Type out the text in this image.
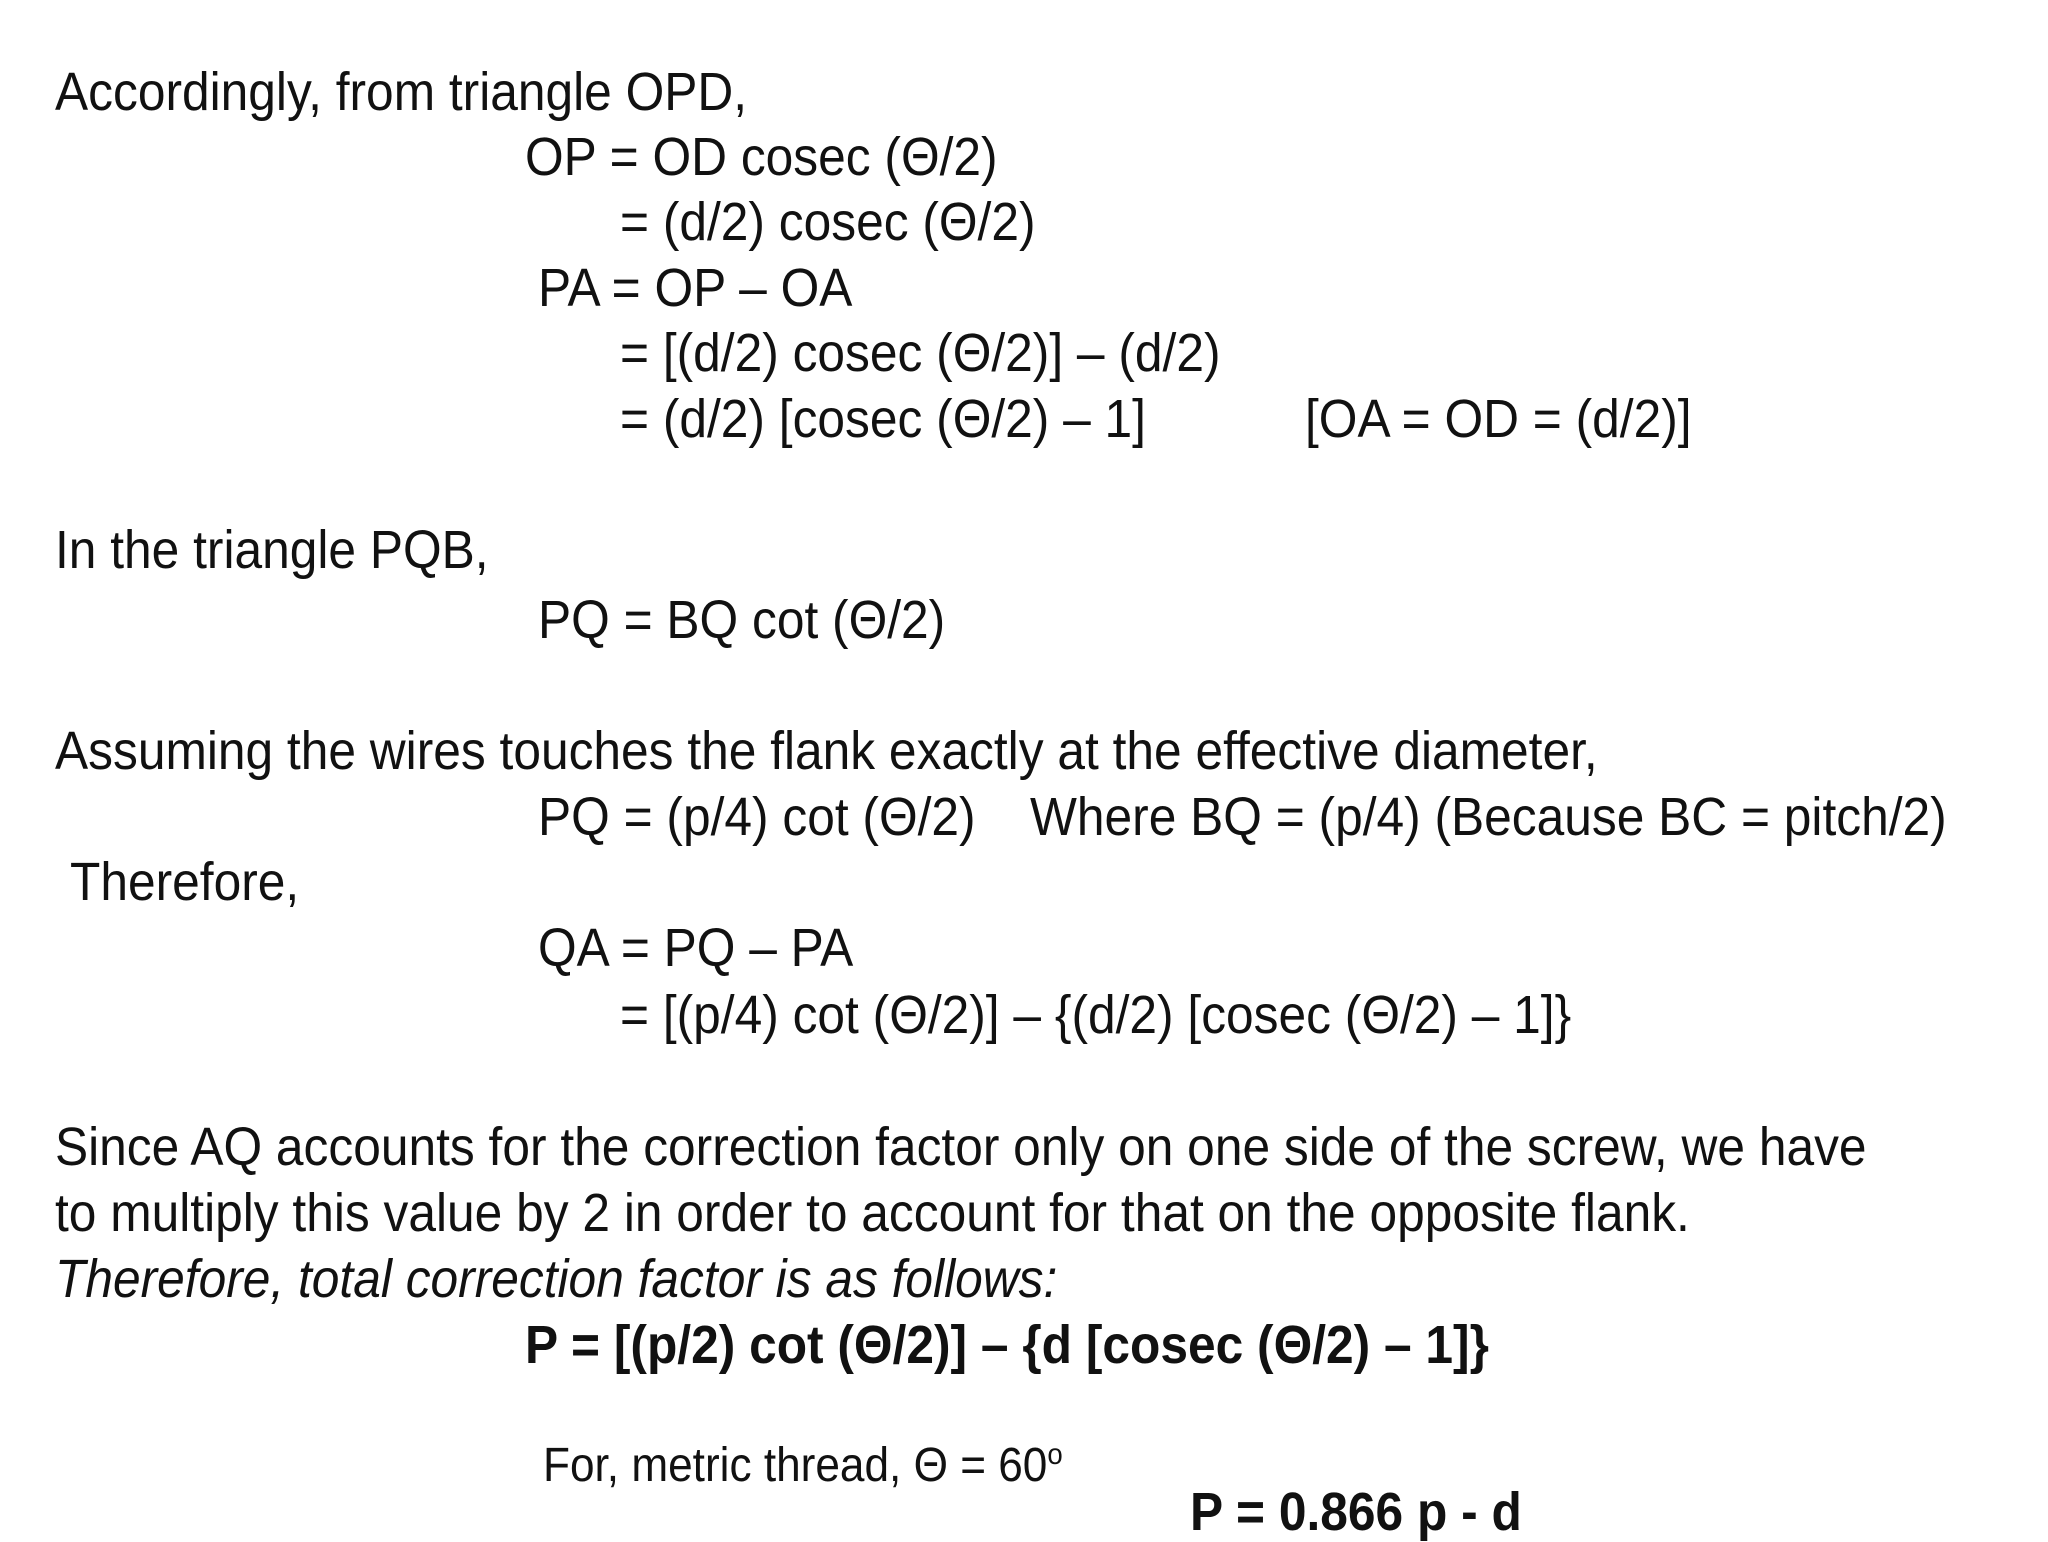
Accordingly, from triangle OPD,
OP = OD cosec (Θ/2)
= (d/2) cosec (Θ/2)
PA = OP – OA
= [(d/2) cosec (Θ/2)] – (d/2)
= (d/2) [cosec (Θ/2) – 1]	[OA = OD = (d/2)]
In the triangle PQB,
PQ = BQ cot (Θ/2)
Assuming the wires touches the flank exactly at the effective diameter,
PQ = (p/4) cot (Θ/2) Where BQ = (p/4) (Because BC = pitch/2)
Therefore,
QA = PQ – PA
= [(p/4) cot (Θ/2)] – {(d/2) [cosec (Θ/2) – 1]}
Since AQ accounts for the correction factor only on one side of the screw, we have
to multiply this value by 2 in order to account for that on the opposite flank.
Therefore, total correction factor is as follows:
P = [(p/2) cot (Θ/2)] – {d [cosec (Θ/2) – 1]}
For, metric thread, $\Theta = 60^o$
P = 0.866 p - d
